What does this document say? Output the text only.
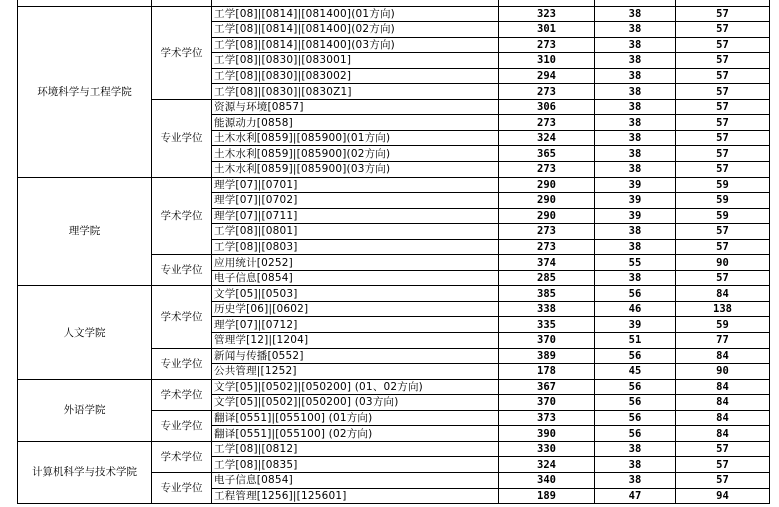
环境科学与工程学院	学术学位	工学[08]|[0814]|[081400](01方向)	323	38	57
		工学[08]|[0814]|[081400](02方向)	301	38	57
		工学[08]|[0814]|[081400](03方向)	273	38	57
		工学[08]|[0830]|[083001]	310	38	57
		工学[08]|[0830]|[083002]	294	38	57
		工学[08]|[0830]|[0830Z1]	273	38	57
	专业学位	资源与环境[0857]	306	38	57
		能源动力[0858]	273	38	57
		土木水利[0859]|[085900](01方向)	324	38	57
		土木水利[0859]|[085900](02方向)	365	38	57
		土木水利[0859]|[085900](03方向)	273	38	57
理学院	学术学位	理学[07]|[0701]	290	39	59
		理学[07]|[0702]	290	39	59
		理学[07]|[0711]	290	39	59
		工学[08]|[0801]	273	38	57
		工学[08]|[0803]	273	38	57
	专业学位	应用统计[0252]	374	55	90
		电子信息[0854]	285	38	57
人文学院	学术学位	文学[05]|[0503]	385	56	84
		历史学[06]|[0602]	338	46	138
		理学[07]|[0712]	335	39	59
		管理学[12]|[1204]	370	51	77
	专业学位	新闻与传播[0552]	389	56	84
		公共管理|[1252]	178	45	90
外语学院	学术学位	文学[05]|[0502]|[050200] (01、02方向)	367	56	84
		文学[05]|[0502]|[050200] (03方向)	370	56	84
	专业学位	翻译[0551]|[055100] (01方向)	373	56	84
		翻译[0551]|[055100] (02方向)	390	56	84
计算机科学与技术学院	学术学位	工学[08]|[0812]	330	38	57
		工学[08]|[0835]	324	38	57
	专业学位	电子信息[0854]	340	38	57
		工程管理[1256]|[125601]	189	47	94
